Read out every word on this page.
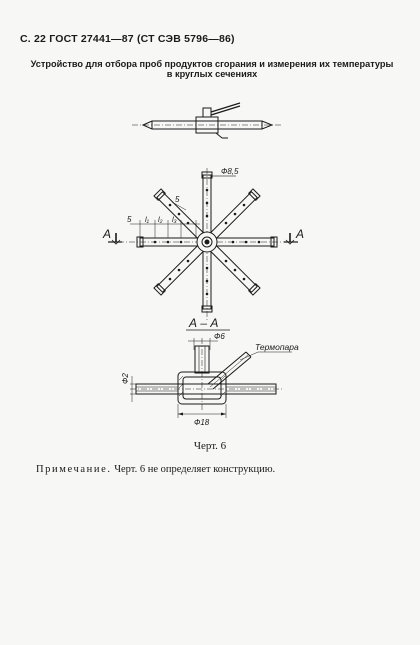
С. 22 ГОСТ 27441—87 (СТ СЭВ 5796—86)
Устройство для отбора проб продуктов сгорания и измерения их температуры
в круглых сечениях
Ф8,5
5
5 l₁ l₂ l₃
А	А
А – А
Ф6
Термопара
Ф2
Ф18
Черт. 6
Примечание. Черт. 6 не определяет конструкцию.
